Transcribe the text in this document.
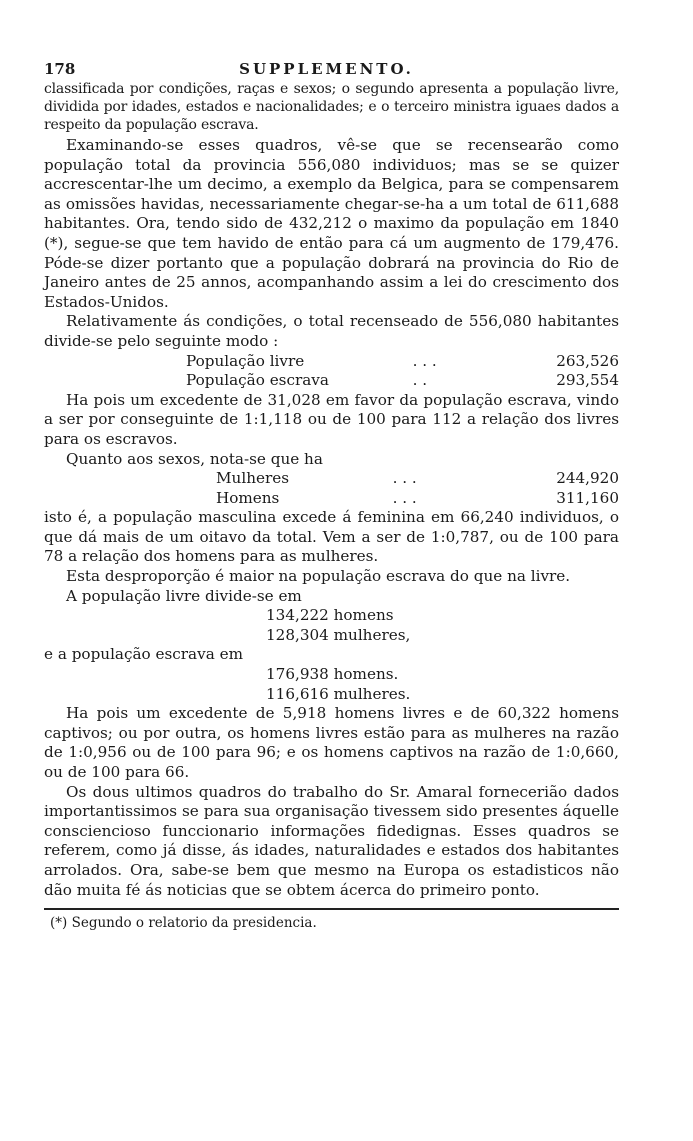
178	SUPPLEMENTO.

classificada por condições, raças e sexos; o segundo apresenta a população livre, dividida por idades, estados e nacionalidades; e o terceiro ministra iguaes dados a respeito da população escrava.

Examinando-se esses quadros, vê-se que se recensearão como população total da provincia 556,080 individuos; mas se se quizer accrescentar-lhe um decimo, a exemplo da Belgica, para se compensarem as omissões havidas, necessariamente chegar-se-ha a um total de 611,688 habitantes. Ora, tendo sido de 432,212 o maximo da população em 1840 (*), segue-se que tem havido de então para cá um augmento de 179,476. Póde-se dizer portanto que a população dobrará na provincia do Rio de Janeiro antes de 25 annos, acompanhando assim a lei do crescimento dos Estados-Unidos.

Relativamente ás condições, o total recenseado de 556,080 habitantes divide-se pelo seguinte modo :

População livre	. . .	263,526
População escrava	. .	293,554

Ha pois um excedente de 31,028 em favor da população escrava, vindo a ser por conseguinte de 1:1,118 ou de 100 para 112 a relação dos livres para os escravos.

Quanto aos sexos, nota-se que ha

Mulheres	. . .	244,920
Homens	. . .	311,160

isto é, a população masculina excede á feminina em 66,240 individuos, o que dá mais de um oitavo da total. Vem a ser de 1:0,787, ou de 100 para 78 a relação dos homens para as mulheres.

Esta desproporção é maior na população escrava do que na livre.

A população livre divide-se em

134,222 homens
128,304 mulheres,

e a população escrava em

176,938 homens.
116,616 mulheres.

Ha pois um excedente de 5,918 homens livres e de 60,322 homens captivos; ou por outra, os homens livres estão para as mulheres na razão de 1:0,956 ou de 100 para 96; e os homens captivos na razão de 1:0,660, ou de 100 para 66.

Os dous ultimos quadros do trabalho do Sr. Amaral fornecerião dados importantissimos se para sua organisação tivessem sido presentes áquelle consciencioso funccionario informações fidedignas. Esses quadros se referem, como já disse, ás idades, naturalidades e estados dos habitantes arrolados. Ora, sabe-se bem que mesmo na Europa os estadisticos não dão muita fé ás noticias que se obtem ácerca do primeiro ponto.

(*) Segundo o relatorio da presidencia.
